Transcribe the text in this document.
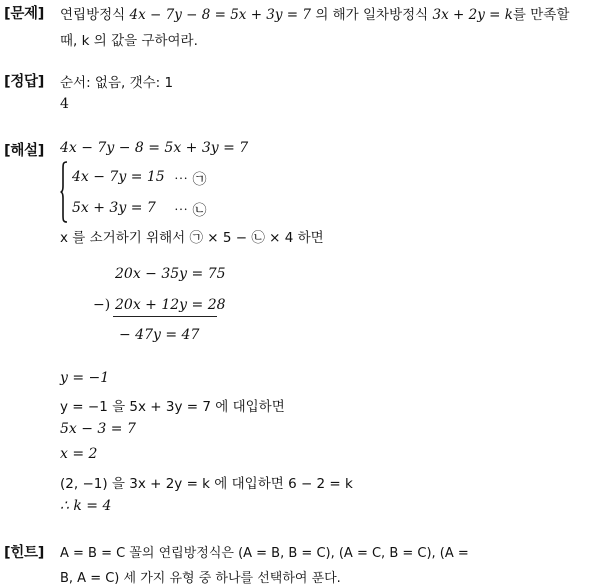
[문제] 연립방정식 4x − 7y − 8 = 5x + 3y = 7 의 해가 일차방정식 3x + 2y = k를 만족할
때, k 의 값을 구하여라.
[정답] 순서: 없음, 갯수: 1
4
[해설] 4x − 7y − 8 = 5x + 3y = 7
4x − 7y = 15 ⋯ ㉠
5x + 3y = 7 ⋯ ㉡
x 를 소거하기 위해서 ㉠ × 5 − ㉡ × 4 하면
20x − 35y = 75
−) 20x + 12y = 28
− 47y = 47
y = −1
y = −1 을 5x + 3y = 7 에 대입하면
5x − 3 = 7
x = 2
(2, −1) 을 3x + 2y = k 에 대입하면 6 − 2 = k
∴ k = 4
[힌트] A = B = C 꼴의 연립방정식은 (A = B, B = C), (A = C, B = C), (A =
B, A = C) 세 가지 유형 중 하나를 선택하여 푼다.
